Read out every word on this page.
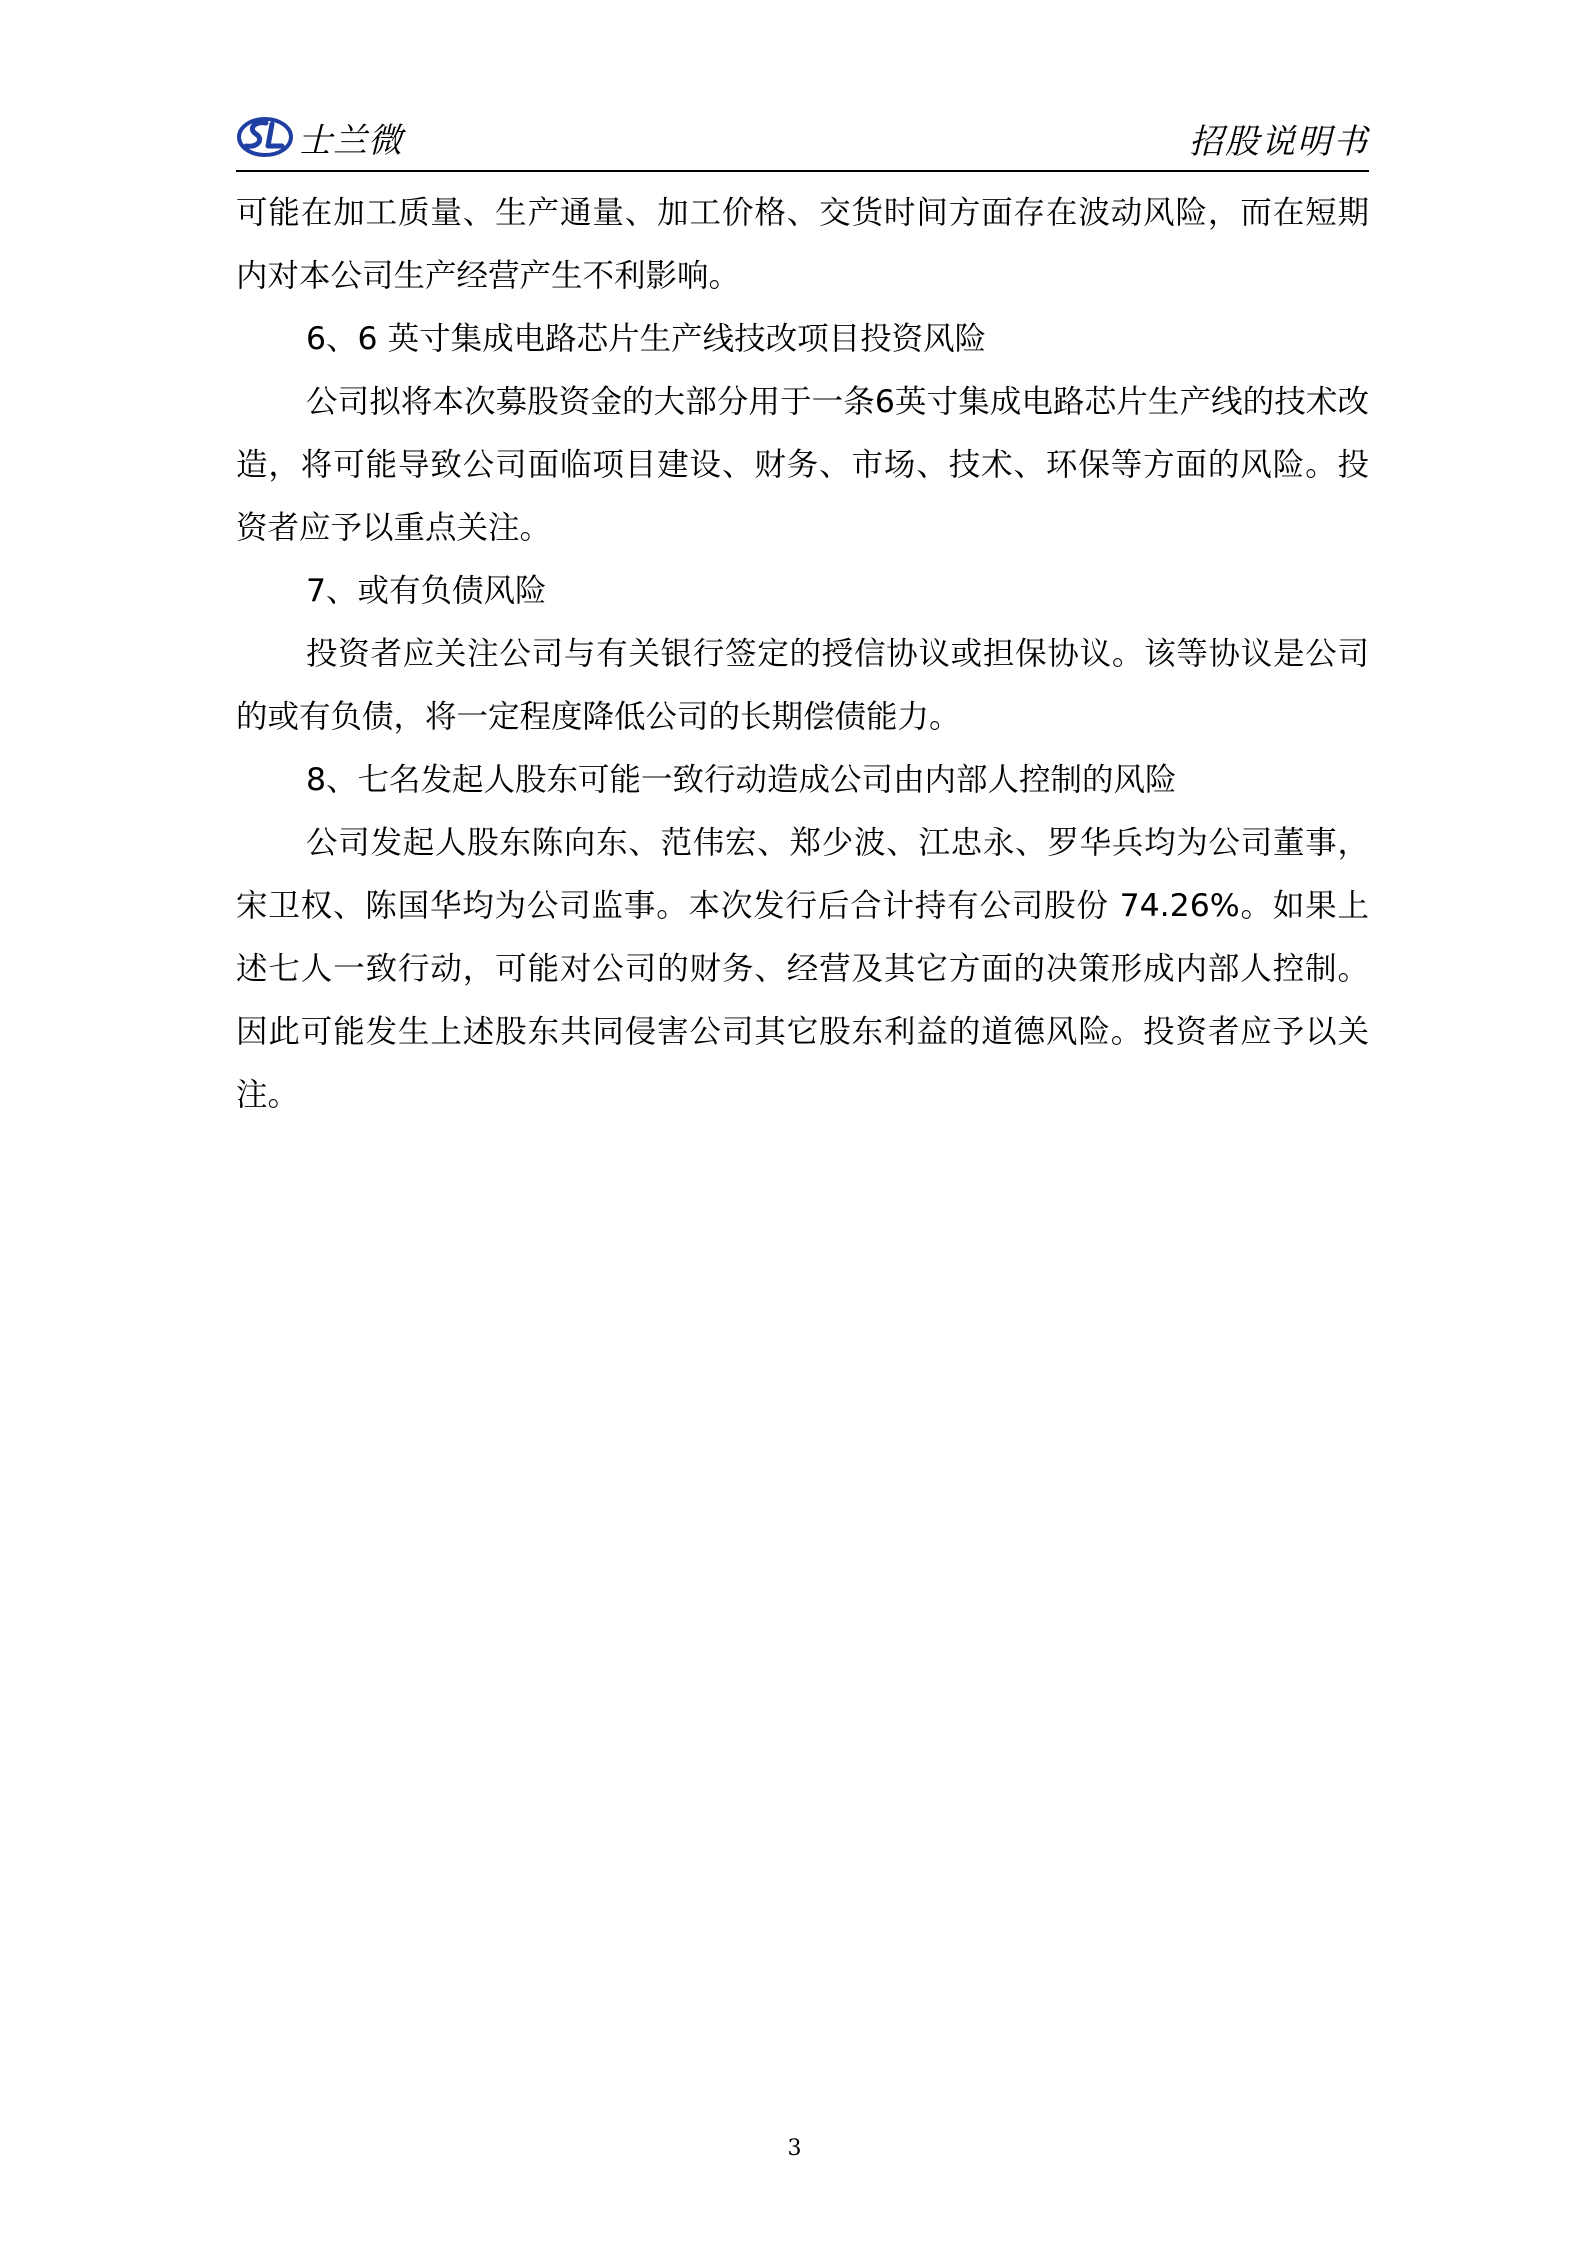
士兰微	招股说明书

可能在加工质量、生产通量、加工价格、交货时间方面存在波动风险，而在短期内对本公司生产经营产生不利影响。

6、6 英寸集成电路芯片生产线技改项目投资风险

公司拟将本次募股资金的大部分用于一条6英寸集成电路芯片生产线的技术改造，将可能导致公司面临项目建设、财务、市场、技术、环保等方面的风险。投资者应予以重点关注。

7、或有负债风险

投资者应关注公司与有关银行签定的授信协议或担保协议。该等协议是公司的或有负债，将一定程度降低公司的长期偿债能力。

8、七名发起人股东可能一致行动造成公司由内部人控制的风险

公司发起人股东陈向东、范伟宏、郑少波、江忠永、罗华兵均为公司董事，宋卫权、陈国华均为公司监事。本次发行后合计持有公司股份 74.26%。如果上述七人一致行动，可能对公司的财务、经营及其它方面的决策形成内部人控制。因此可能发生上述股东共同侵害公司其它股东利益的道德风险。投资者应予以关注。

3
